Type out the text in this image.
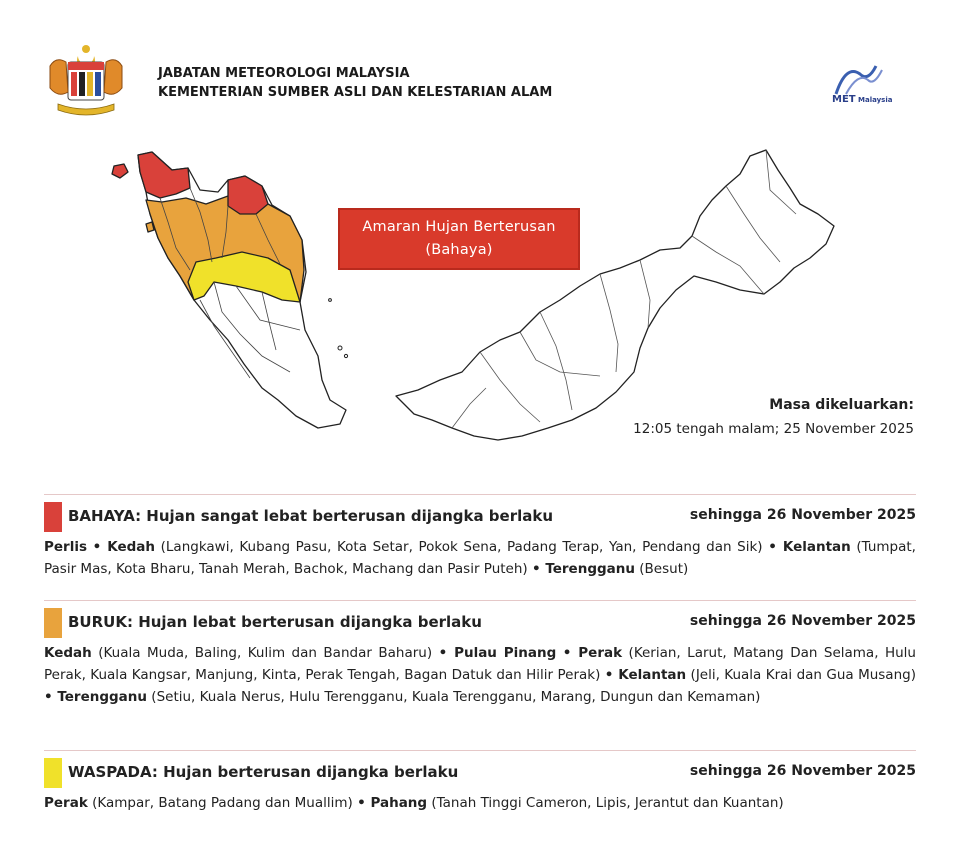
JABATAN METEOROLOGI MALAYSIA
KEMENTERIAN SUMBER ASLI DAN KELESTARIAN ALAM	MET Malaysia
Amaran Hujan Berterusan
(Bahaya)
Masa dikeluarkan:
12:05 tengah malam; 25 November 2025
BAHAYA: Hujan sangat lebat berterusan dijangka berlaku	sehingga 26 November 2025
Perlis • Kedah (Langkawi, Kubang Pasu, Kota Setar, Pokok Sena, Padang Terap, Yan, Pendang dan Sik) • Kelantan (Tumpat, Pasir Mas, Kota Bharu, Tanah Merah, Bachok, Machang dan Pasir Puteh) • Terengganu (Besut)
BURUK: Hujan lebat berterusan dijangka berlaku	sehingga 26 November 2025
Kedah (Kuala Muda, Baling, Kulim dan Bandar Baharu) • Pulau Pinang • Perak (Kerian, Larut, Matang Dan Selama, Hulu Perak, Kuala Kangsar, Manjung, Kinta, Perak Tengah, Bagan Datuk dan Hilir Perak) • Kelantan (Jeli, Kuala Krai dan Gua Musang) • Terengganu (Setiu, Kuala Nerus, Hulu Terengganu, Kuala Terengganu, Marang, Dungun dan Kemaman)
WASPADA: Hujan berterusan dijangka berlaku	sehingga 26 November 2025
Perak (Kampar, Batang Padang dan Muallim) • Pahang (Tanah Tinggi Cameron, Lipis, Jerantut dan Kuantan)
